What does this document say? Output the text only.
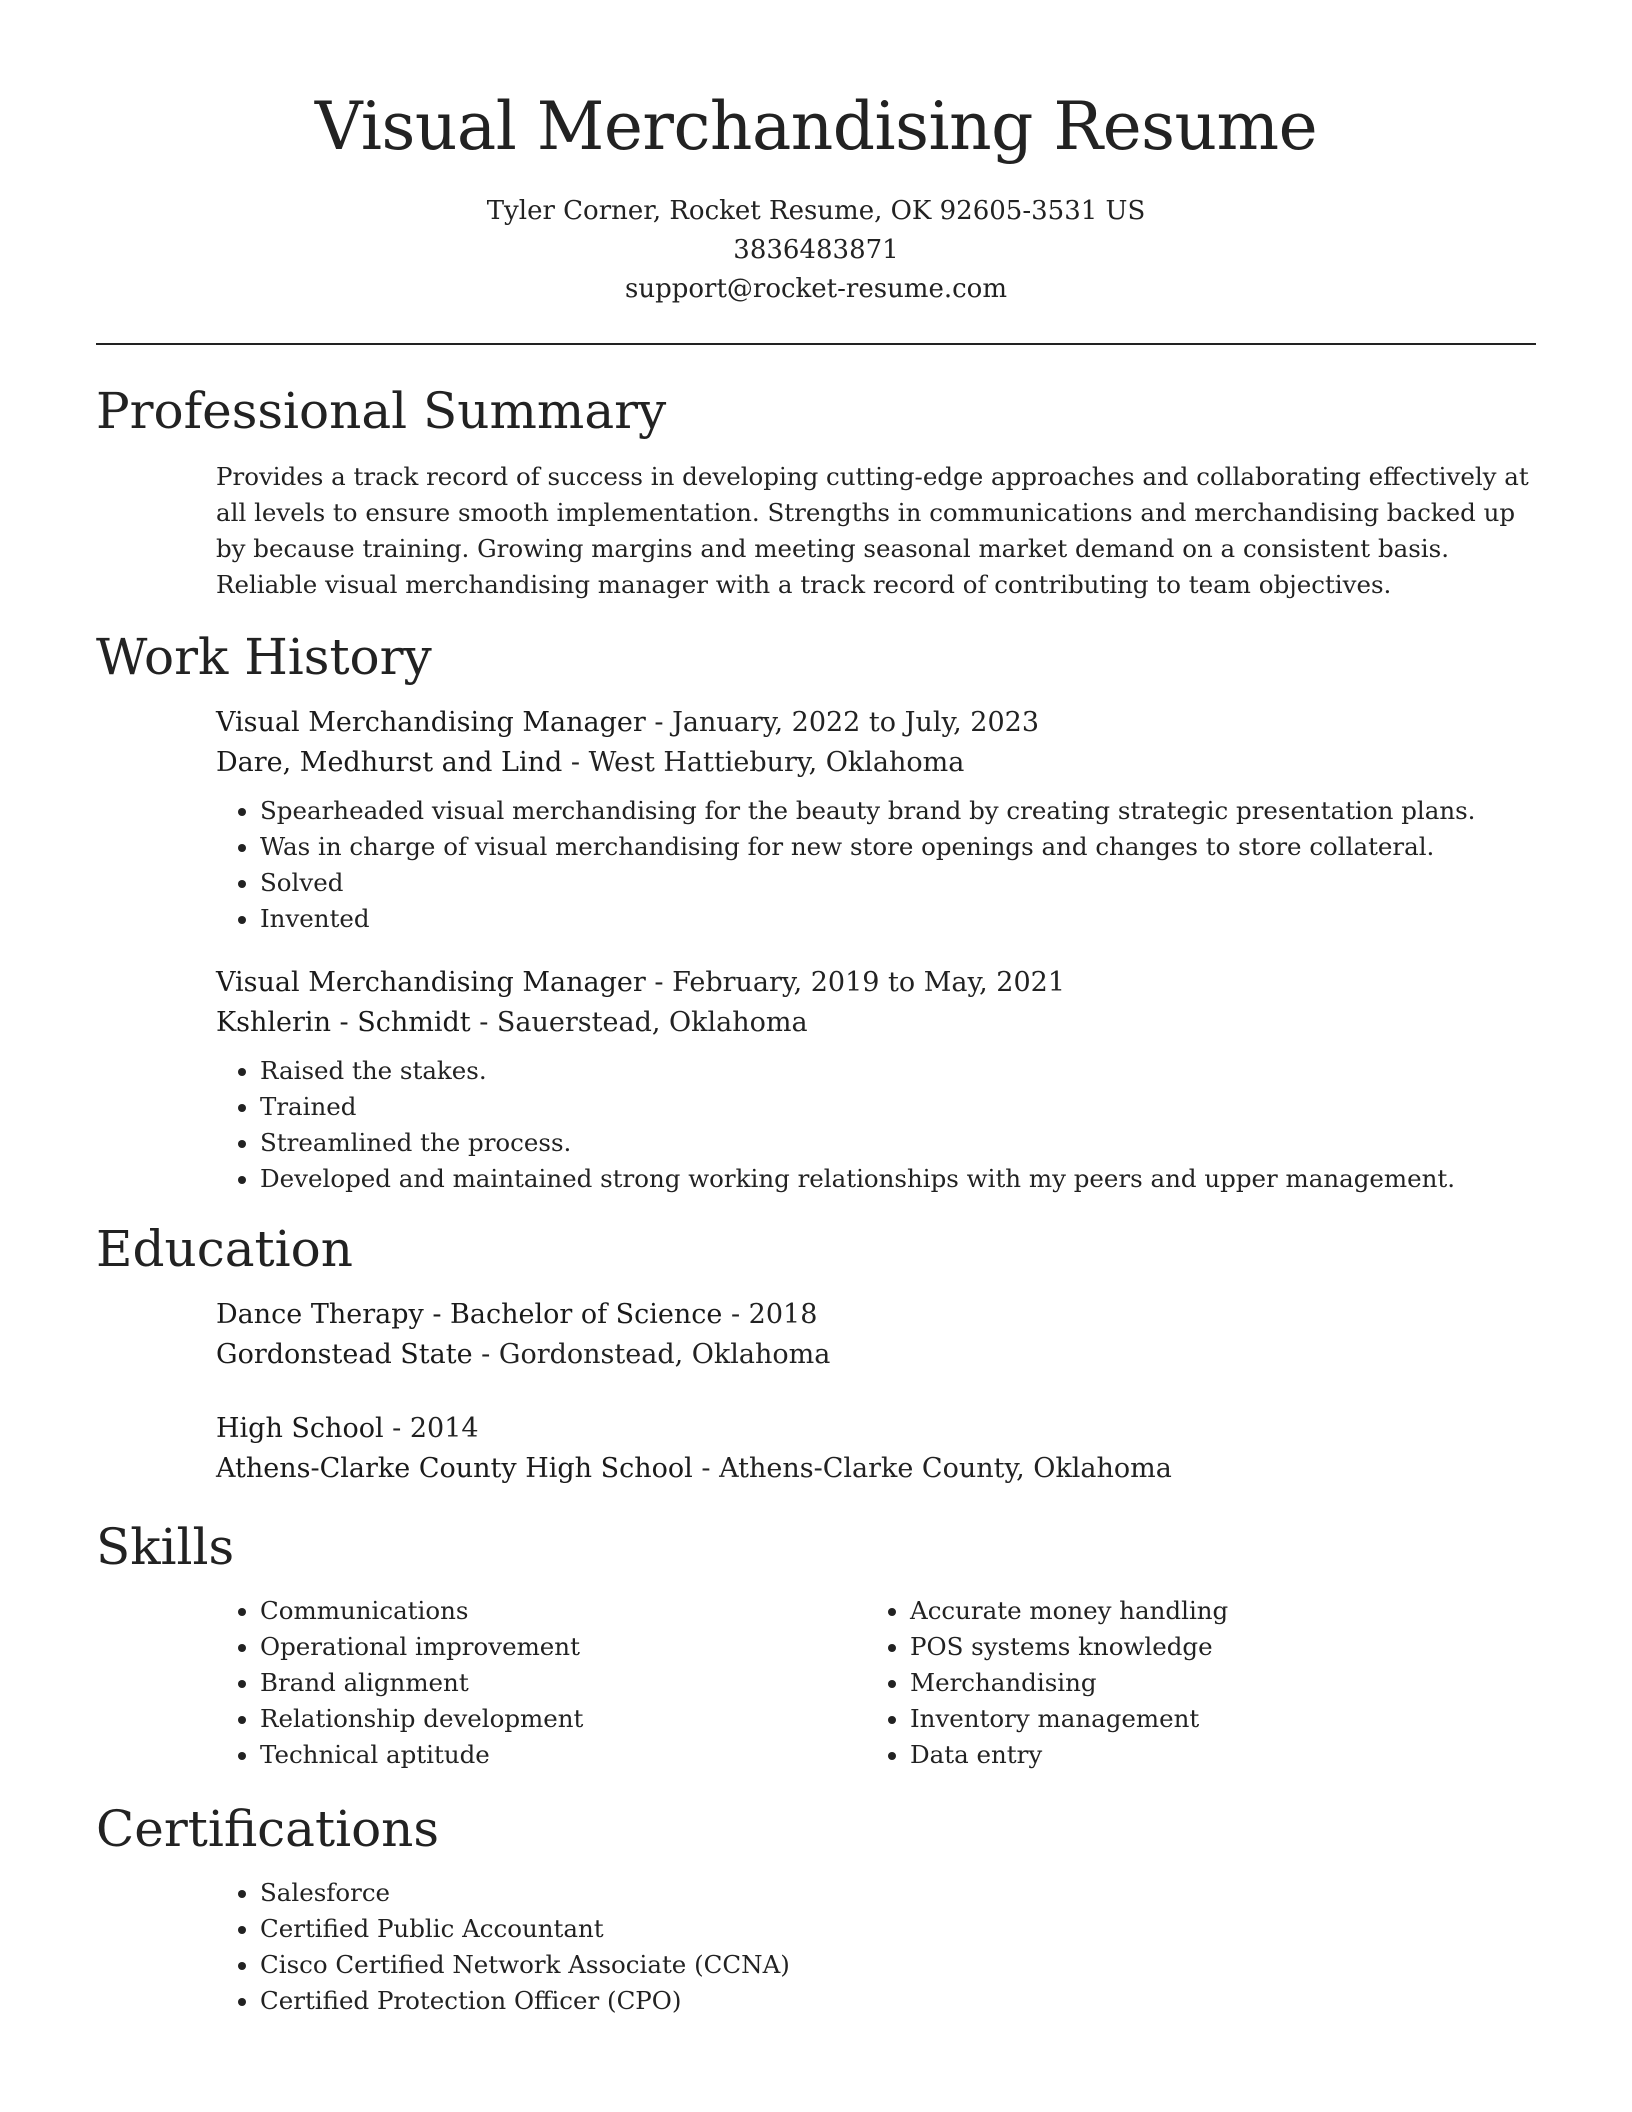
Visual Merchandising Resume
Tyler Corner, Rocket Resume, OK 92605-3531 US
3836483871
support@rocket-resume.com
Professional Summary

Provides a track record of success in developing cutting-edge approaches and collaborating effectively at all levels to ensure smooth implementation. Strengths in communications and merchandising backed up by because training. Growing margins and meeting seasonal market demand on a consistent basis. Reliable visual merchandising manager with a track record of contributing to team objectives.

Work History
Visual Merchandising Manager - January, 2022 to July, 2023
Dare, Medhurst and Lind - West Hattiebury, Oklahoma
• Spearheaded visual merchandising for the beauty brand by creating strategic presentation plans.
• Was in charge of visual merchandising for new store openings and changes to store collateral.
• Solved
• Invented
Visual Merchandising Manager - February, 2019 to May, 2021
Kshlerin - Schmidt - Sauerstead, Oklahoma
• Raised the stakes.
• Trained
• Streamlined the process.
• Developed and maintained strong working relationships with my peers and upper management.
Education
Dance Therapy - Bachelor of Science - 2018
Gordonstead State - Gordonstead, Oklahoma
High School - 2014
Athens-Clarke County High School - Athens-Clarke County, Oklahoma
Skills
• Communications
• Operational improvement
• Brand alignment
• Relationship development
• Technical aptitude
• Accurate money handling
• POS systems knowledge
• Merchandising
• Inventory management
• Data entry
Certifications
• Salesforce
• Certified Public Accountant
• Cisco Certified Network Associate (CCNA)
• Certified Protection Officer (CPO)
